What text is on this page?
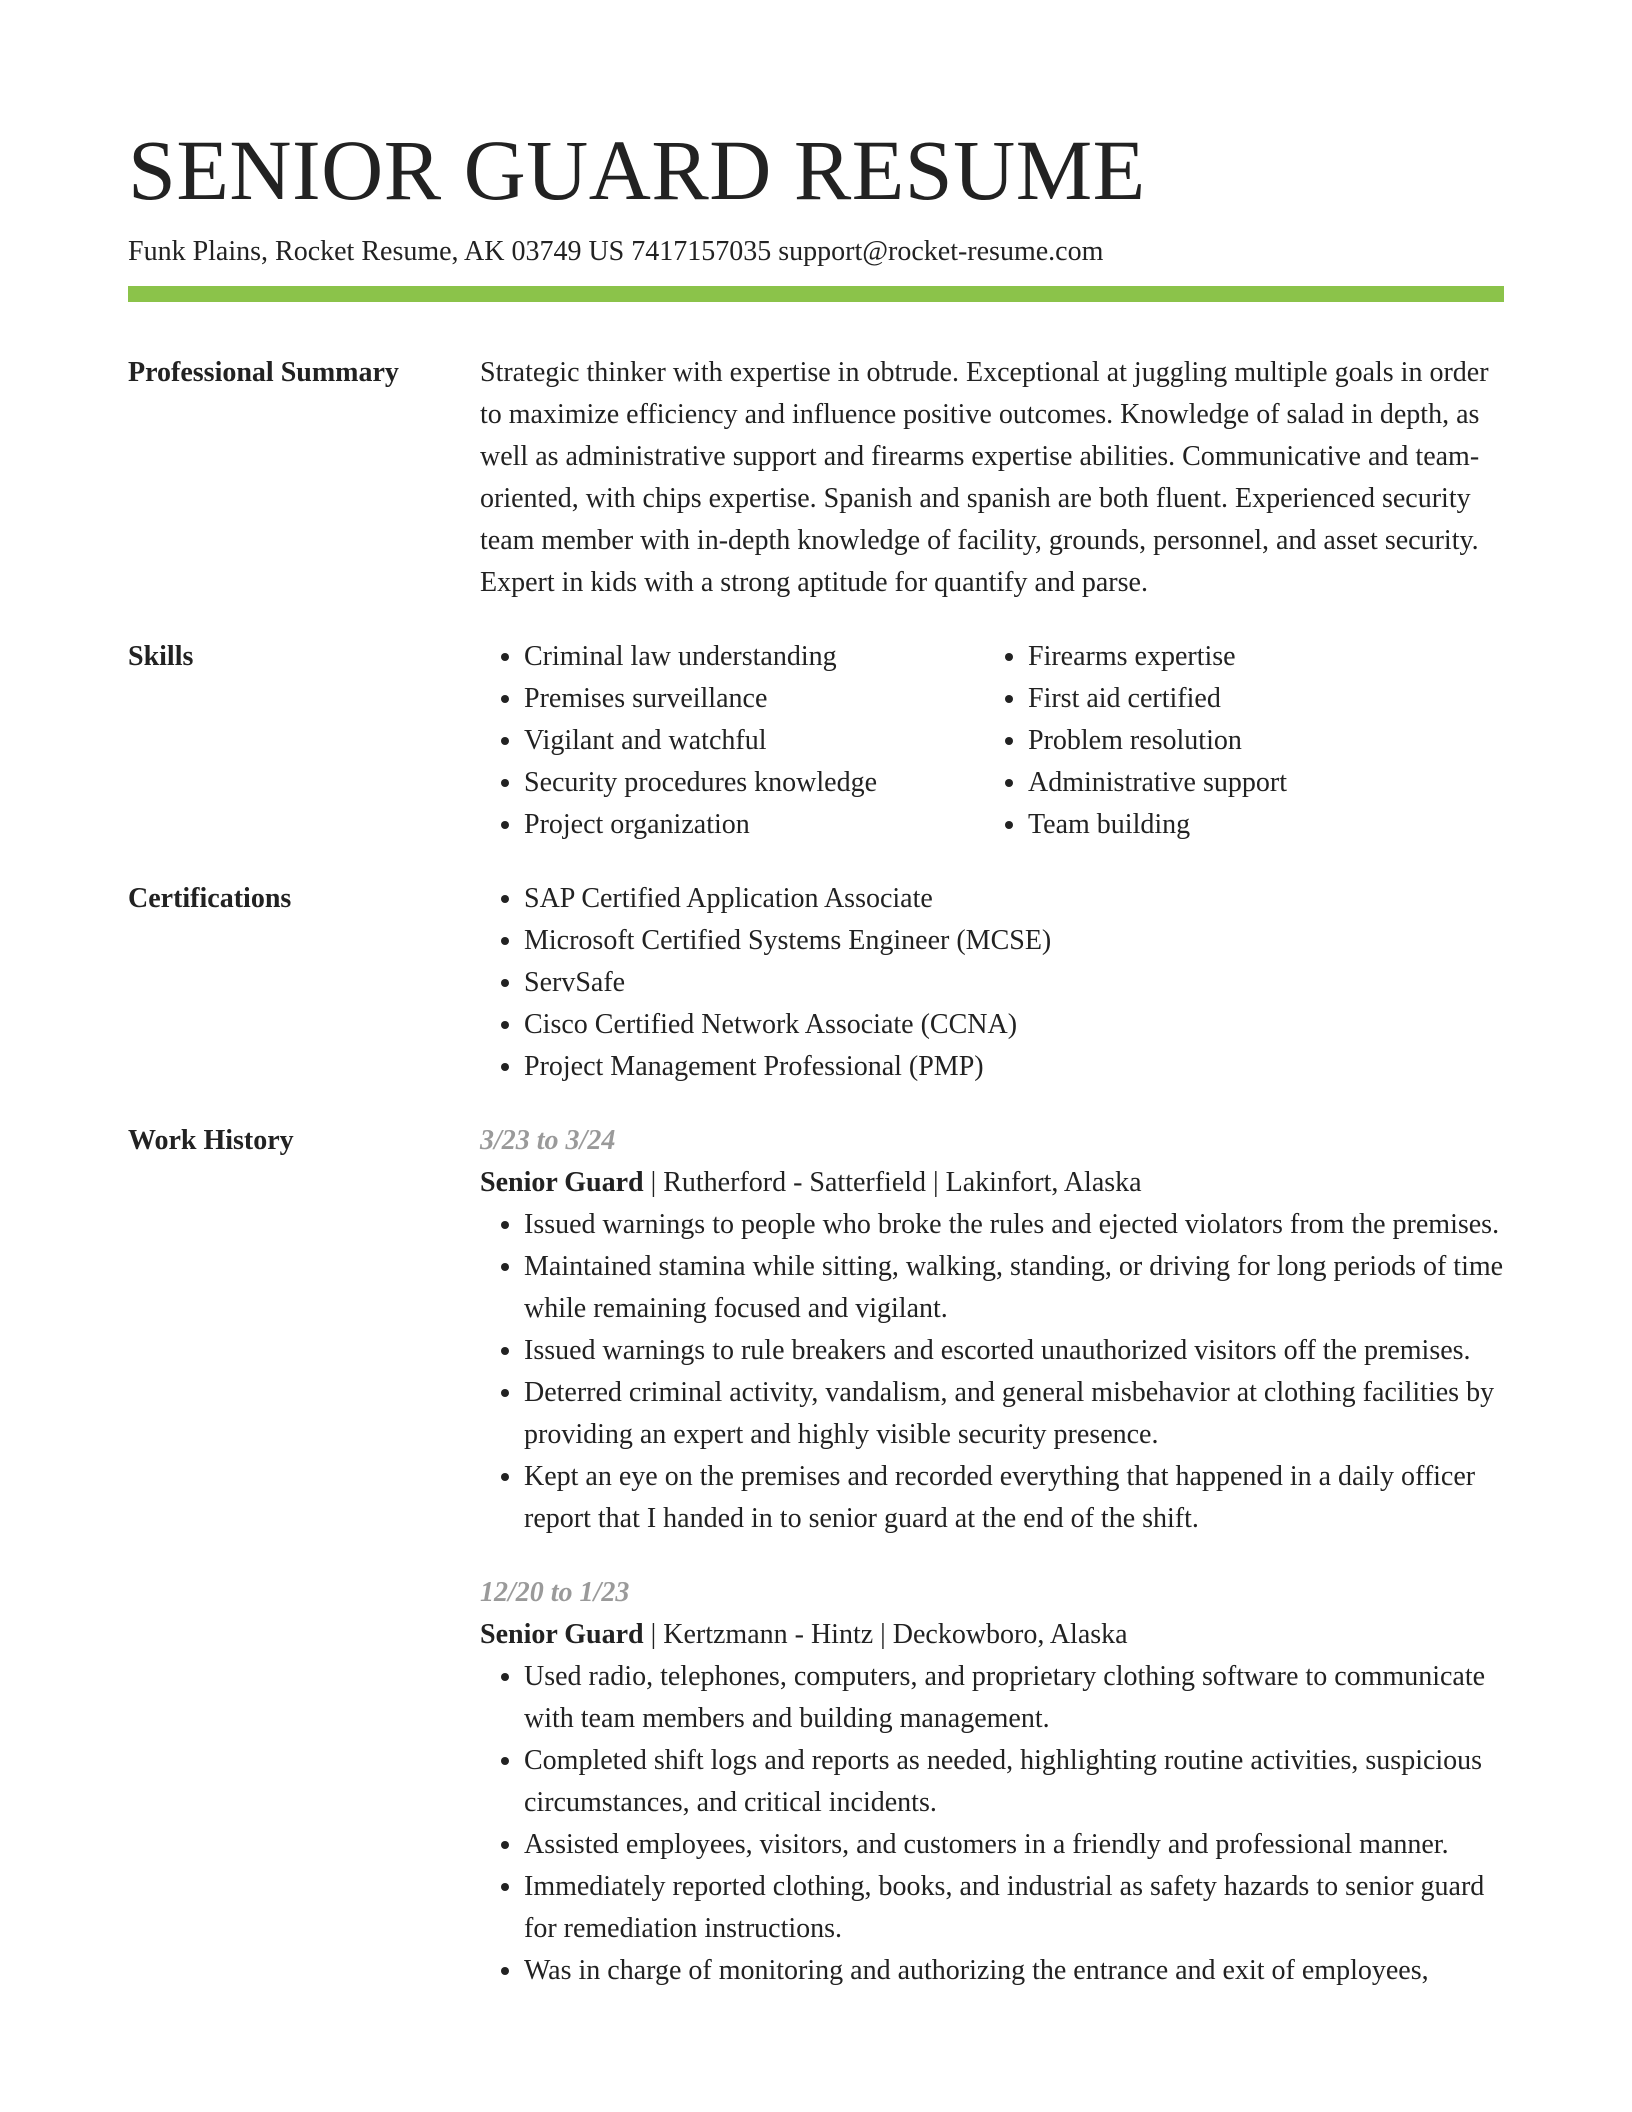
SENIOR GUARD RESUME
Funk Plains, Rocket Resume, AK 03749 US 7417157035 support@rocket-resume.com
Professional Summary	Strategic thinker with expertise in obtrude. Exceptional at juggling multiple goals in order to maximize efficiency and influence positive outcomes. Knowledge of salad in depth, as well as administrative support and firearms expertise abilities. Communicative and team-oriented, with chips expertise. Spanish and spanish are both fluent. Experienced security team member with in-depth knowledge of facility, grounds, personnel, and asset security. Expert in kids with a strong aptitude for quantify and parse.

Skills	• Criminal law understanding
• Premises surveillance
• Vigilant and watchful
• Security procedures knowledge
• Project organization
• Firearms expertise
• First aid certified
• Problem resolution
• Administrative support
• Team building
Certifications	• SAP Certified Application Associate
• Microsoft Certified Systems Engineer (MCSE)
• ServSafe
• Cisco Certified Network Associate (CCNA)
• Project Management Professional (PMP)
Work History	3/23 to 3/24
Senior Guard | Rutherford - Satterfield | Lakinfort, Alaska
• Issued warnings to people who broke the rules and ejected violators from the premises.
• Maintained stamina while sitting, walking, standing, or driving for long periods of time while remaining focused and vigilant.
• Issued warnings to rule breakers and escorted unauthorized visitors off the premises.
• Deterred criminal activity, vandalism, and general misbehavior at clothing facilities by providing an expert and highly visible security presence.
• Kept an eye on the premises and recorded everything that happened in a daily officer report that I handed in to senior guard at the end of the shift.
12/20 to 1/23
Senior Guard | Kertzmann - Hintz | Deckowboro, Alaska
• Used radio, telephones, computers, and proprietary clothing software to communicate with team members and building management.
• Completed shift logs and reports as needed, highlighting routine activities, suspicious circumstances, and critical incidents.
• Assisted employees, visitors, and customers in a friendly and professional manner.
• Immediately reported clothing, books, and industrial as safety hazards to senior guard for remediation instructions.
• Was in charge of monitoring and authorizing the entrance and exit of employees,
